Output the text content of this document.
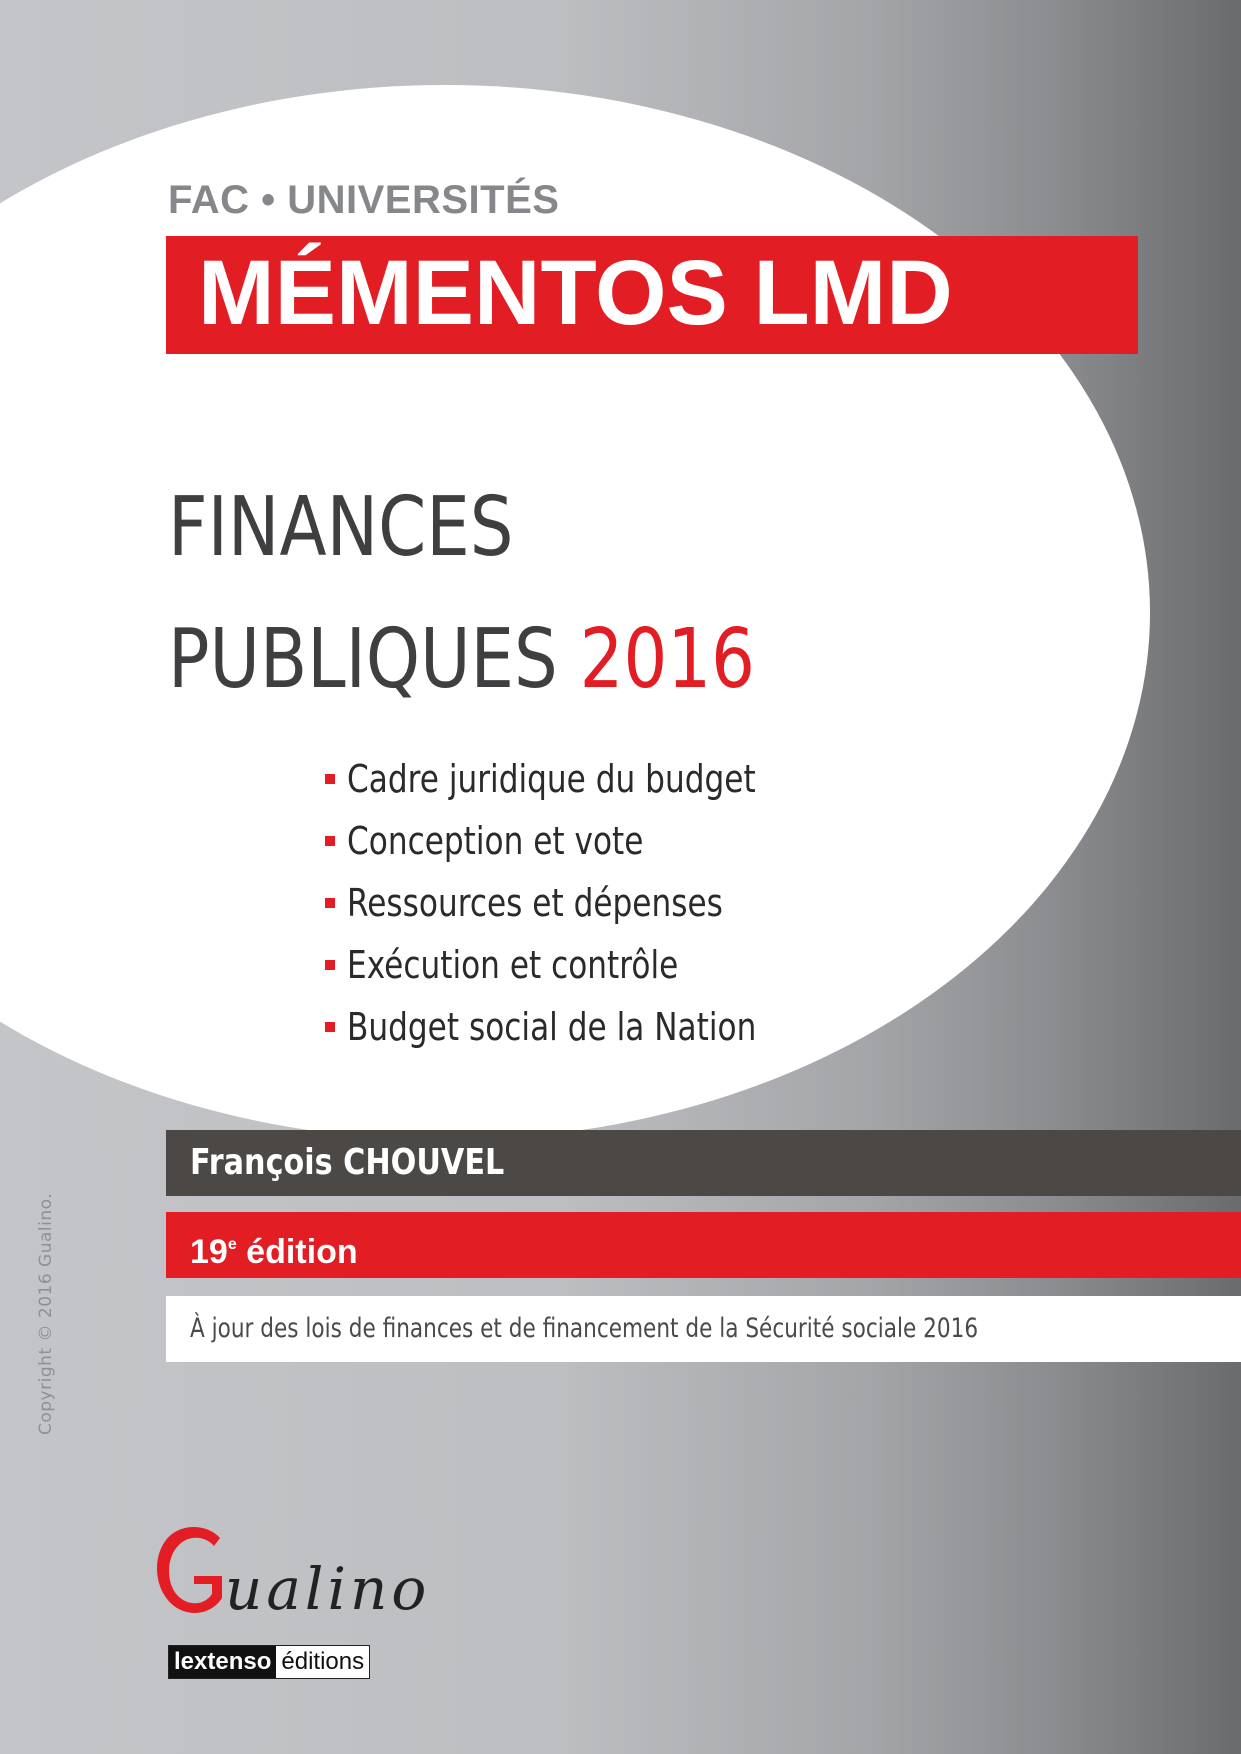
FAC • UNIVERSITÉS
MÉMENTOS LMD
FINANCES
PUBLIQUES 2016
Cadre juridique du budget
Conception et vote
Ressources et dépenses
Exécution et contrôle
Budget social de la Nation
François CHOUVEL
19e édition
À jour des lois de finances et de financement de la Sécurité sociale 2016
Copyright © 2016 Gualino.
G ualino
lextenso éditions
